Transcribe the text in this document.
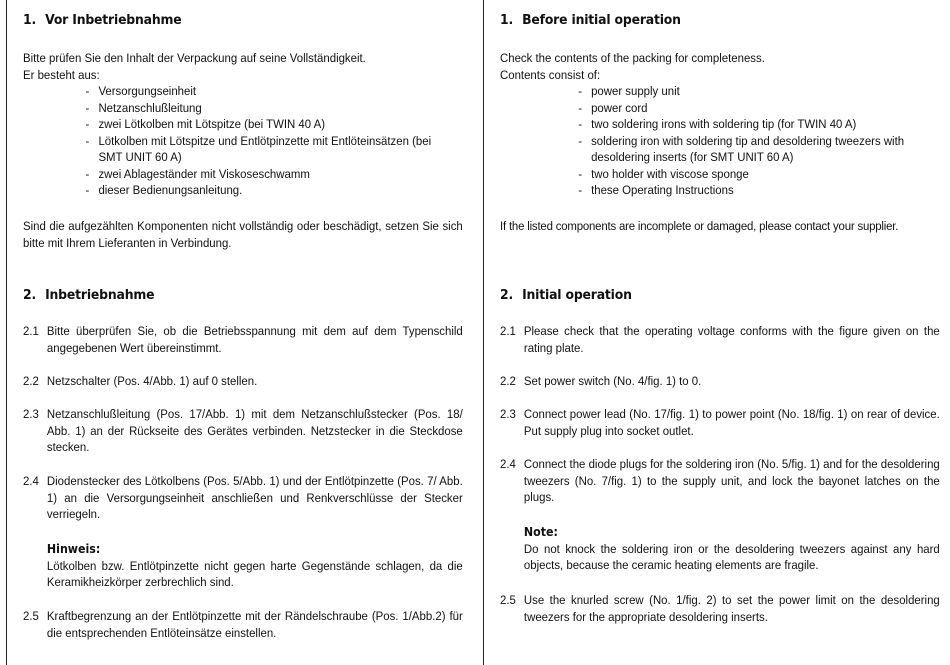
1. Vor Inbetriebnahme

Bitte prüfen Sie den Inhalt der Verpackung auf seine Vollständigkeit.

Er besteht aus:

- Versorgungseinheit
- Netzanschlußleitung
- zwei Lötkolben mit Lötspitze (bei TWIN 40 A)
- Lötkolben mit Lötspitze und Entlötpinzette mit Entlöteinsätzen (bei SMT UNIT 60 A)
- zwei Ablageständer mit Viskoseschwamm
- dieser Bedienungsanleitung.

Sind die aufgezählten Komponenten nicht vollständig oder beschädigt, setzen Sie sich bitte mit Ihrem Lieferanten in Verbindung.

2. Inbetriebnahme
2.1 Bitte überprüfen Sie, ob die Betriebsspannung mit dem auf dem Typenschild angegebenen Wert übereinstimmt.

2.2 Netzschalter (Pos. 4/Abb. 1) auf 0 stellen.

2.3 Netzanschlußleitung (Pos. 17/Abb. 1) mit dem Netzanschlußstecker (Pos. 18/ Abb. 1) an der Rückseite des Gerätes verbinden. Netzstecker in die Steckdose stecken.

2.4 Diodenstecker des Lötkolbens (Pos. 5/Abb. 1) und der Entlötpinzette (Pos. 7/ Abb. 1) an die Versorgungseinheit anschließen und Renkverschlüsse der Stecker verriegeln.

Hinweis:

Lötkolben bzw. Entlötpinzette nicht gegen harte Gegenstände schlagen, da die Keramikheizkörper zerbrechlich sind.

2.5 Kraftbegrenzung an der Entlötpinzette mit der Rändelschraube (Pos. 1/Abb.2) für die entsprechenden Entlöteinsätze einstellen.

1. Before initial operation

Check the contents of the packing for completeness.

Contents consist of:

- power supply unit
- power cord
- two soldering irons with soldering tip (for TWIN 40 A)
- soldering iron with soldering tip and desoldering tweezers with desoldering inserts (for SMT UNIT 60 A)
- two holder with viscose sponge
- these Operating Instructions

If the listed components are incomplete or damaged, please contact your supplier.

2. Initial operation
2.1 Please check that the operating voltage conforms with the figure given on the rating plate.

2.2 Set power switch (No. 4/fig. 1) to 0.

2.3 Connect power lead (No. 17/fig. 1) to power point (No. 18/fig. 1) on rear of device. Put supply plug into socket outlet.

2.4 Connect the diode plugs for the soldering iron (No. 5/fig. 1) and for the desoldering tweezers (No. 7/fig. 1) to the supply unit, and lock the bayonet latches on the plugs.

Note:

Do not knock the soldering iron or the desoldering tweezers against any hard objects, because the ceramic heating elements are fragile.

2.5 Use the knurled screw (No. 1/fig. 2) to set the power limit on the desoldering tweezers for the appropriate desoldering inserts.
